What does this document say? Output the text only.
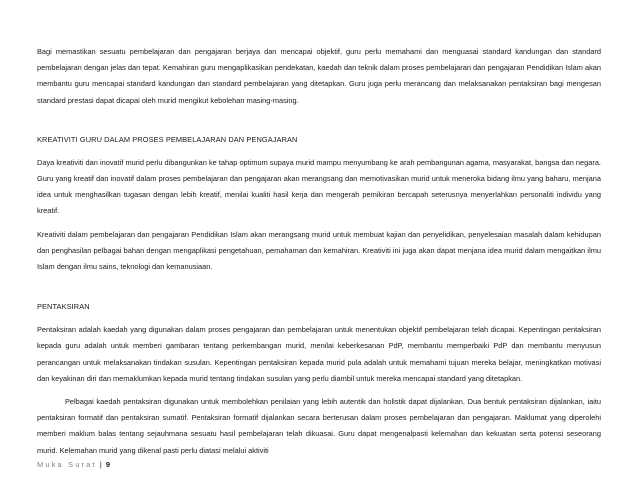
Bagi memastikan sesuatu pembelajaran dan pengajaran berjaya dan mencapai objektif, guru perlu memahami dan menguasai standard kandungan dan standard pembelajaran dengan jelas dan tepat. Kemahiran guru mengaplikasikan pendekatan, kaedah dan teknik dalam proses pembelajaran dan pengajaran Pendidikan Islam akan membantu guru mencapai standard kandungan dan standard pembelajaran yang ditetapkan. Guru juga perlu merancang dan melaksanakan pentaksiran bagi mengesan standard prestasi dapat dicapai oleh murid mengikut kebolehan masing-masing.

KREATIVITI GURU DALAM PROSES PEMBELAJARAN DAN PENGAJARAN

Daya kreativiti dan inovatif murid perlu dibangunkan ke tahap optimum supaya murid mampu menyumbang ke arah pembangunan agama, masyarakat, bangsa dan negara. Guru yang kreatif dan inovatif dalam proses pembelajaran dan pengajaran akan merangsang dan memotivasikan murid untuk meneroka bidang ilmu yang baharu, menjana idea untuk menghasilkan tugasan dengan lebih kreatif, menilai kualiti hasil kerja dan mengerah pemikiran bercapah seterusnya menyerlahkan personaliti individu yang kreatif.

Kreativiti dalam pembelajaran dan pengajaran Pendidikan Islam akan merangsang murid untuk membuat kajian dan penyelidikan, penyelesaian masalah dalam kehidupan dan penghasilan pelbagai bahan dengan mengaplikasi pengetahuan, pemahaman dan kemahiran. Kreativiti ini juga akan dapat menjana idea murid dalam mengaitkan ilmu Islam dengan ilmu sains, teknologi dan kemanusiaan.

PENTAKSIRAN

Pentaksiran adalah kaedah yang digunakan dalam proses pengajaran dan pembelajaran untuk menentukan objektif pembelajaran telah dicapai. Kepentingan pentaksiran kepada guru adalah untuk memberi gambaran tentang perkembangan murid, menilai keberkesanan PdP, membantu memperbaiki PdP dan membantu menyusun perancangan untuk melaksanakan tindakan susulan. Kepentingan pentaksiran kepada murid pula adalah untuk memahami tujuan mereka belajar, meningkatkan motivasi dan keyakinan diri dan memaklumkan kepada murid tentang tindakan susulan yang perlu diambil untuk mereka mencapai standard yang ditetapkan.

Pelbagai kaedah pentaksiran digunakan untuk membolehkan penilaian yang lebih autentik dan holistik dapat dijalankan. Dua bentuk pentaksiran dijalankan, iaitu pentaksiran formatif dan pentaksiran sumatif. Pentaksiran formatif dijalankan secara berterusan dalam proses pembelajaran dan pengajaran. Maklumat yang diperolehi memberi maklum balas tentang sejauhmana sesuatu hasil pembelajaran telah dikuasai. Guru dapat mengenalpasti kelemahan dan kekuatan serta potensi seseorang murid. Kelemahan murid yang dikenal pasti perlu diatasi melalui aktiviti

Muka Surat | 9
